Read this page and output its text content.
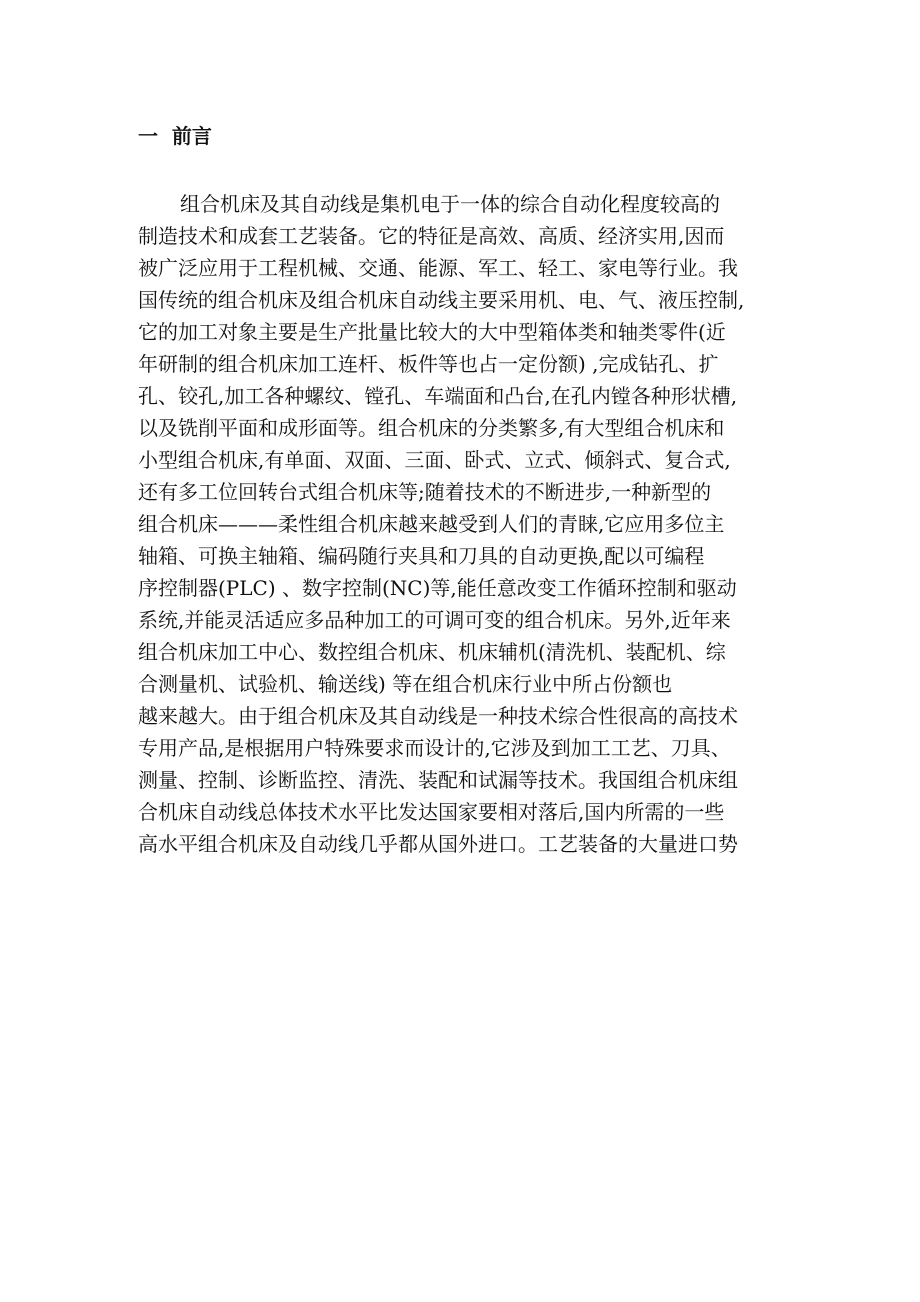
一  前言
组合机床及其自动线是集机电于一体的综合自动化程度较高的
制造技术和成套工艺装备。它的特征是高效、高质、经济实用,因而
被广泛应用于工程机械、交通、能源、军工、轻工、家电等行业。我
国传统的组合机床及组合机床自动线主要采用机、电、气、液压控制,
它的加工对象主要是生产批量比较大的大中型箱体类和轴类零件(近
年研制的组合机床加工连杆、板件等也占一定份额) ,完成钻孔、扩
孔、铰孔,加工各种螺纹、镗孔、车端面和凸台,在孔内镗各种形状槽,
以及铣削平面和成形面等。组合机床的分类繁多,有大型组合机床和
小型组合机床,有单面、双面、三面、卧式、立式、倾斜式、复合式,
还有多工位回转台式组合机床等;随着技术的不断进步,一种新型的
组合机床———柔性组合机床越来越受到人们的青睐,它应用多位主
轴箱、可换主轴箱、编码随行夹具和刀具的自动更换,配以可编程
序控制器(PLC) 、数字控制(NC)等,能任意改变工作循环控制和驱动
系统,并能灵活适应多品种加工的可调可变的组合机床。另外,近年来
组合机床加工中心、数控组合机床、机床辅机(清洗机、装配机、综
合测量机、试验机、输送线) 等在组合机床行业中所占份额也
越来越大。由于组合机床及其自动线是一种技术综合性很高的高技术
专用产品,是根据用户特殊要求而设计的,它涉及到加工工艺、刀具、
测量、控制、诊断监控、清洗、装配和试漏等技术。我国组合机床组
合机床自动线总体技术水平比发达国家要相对落后,国内所需的一些
高水平组合机床及自动线几乎都从国外进口。工艺装备的大量进口势
